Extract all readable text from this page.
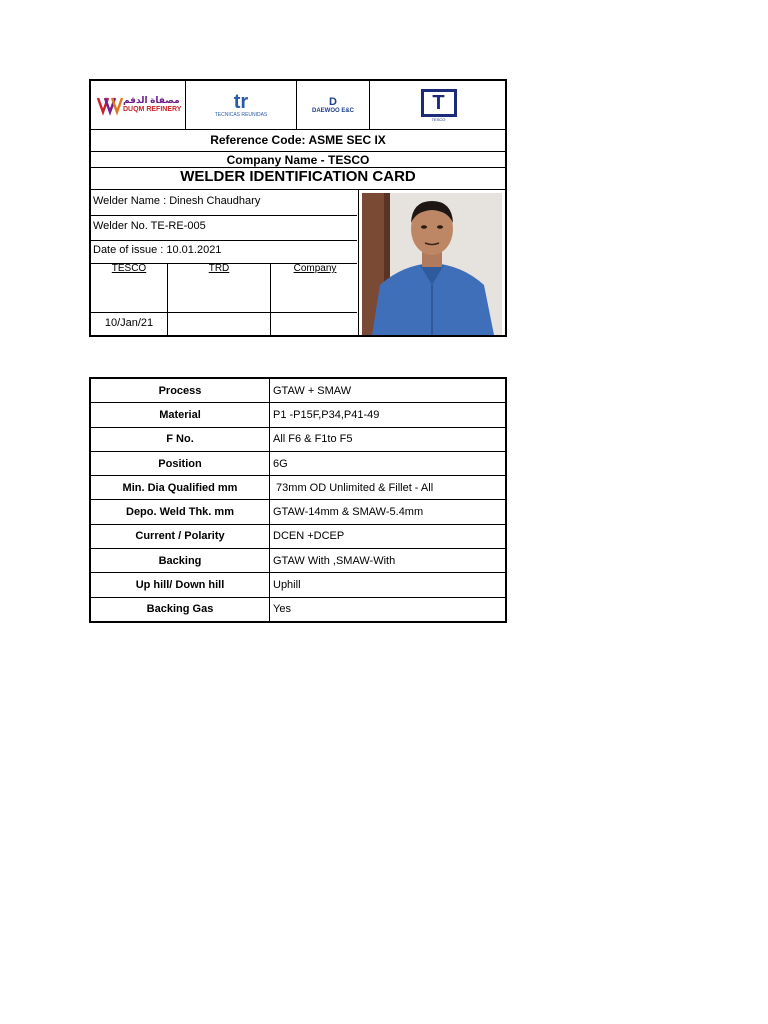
مصفاة الدقم
DUQM REFINERY	tr
TECNICAS REUNIDAS
D
DAEWOO E&C	T
TESCO
Reference Code: ASME SEC IX
Company Name - TESCO
WELDER IDENTIFICATION CARD
Welder Name : Dinesh Chaudhary
Welder No. TE-RE-005
Date of issue : 10.01.2021
TESCO	TRD	Company
10/Jan/21
Process	GTAW + SMAW
Material	P1 -P15F,P34,P41-49
F No.	All F6 & F1to F5
Position	6G
Min. Dia Qualified mm	73mm OD Unlimited & Fillet - All
Depo. Weld Thk. mm	GTAW-14mm & SMAW-5.4mm
Current / Polarity	DCEN +DCEP
Backing	GTAW With ,SMAW-With
Up hill/ Down hill	Uphill
Backing Gas	Yes
